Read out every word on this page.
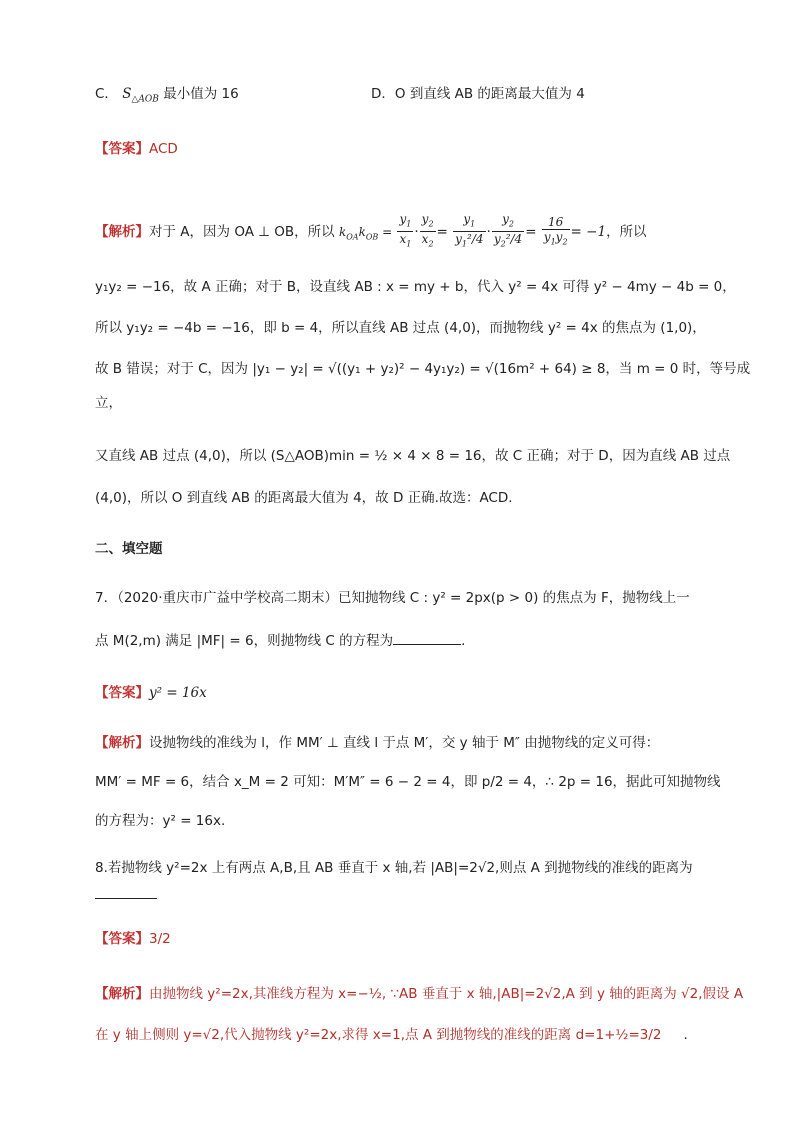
C． $S_{\triangle AOB}$ 最小值为 16	D．O 到直线 AB 的距离最大值为 4
【答案】ACD
【解析】对于 A，因为 OA ⊥ OB，所以 $k_{OA}k_{OB} = \frac{y_1}{x_1} \cdot \frac{y_2}{x_2} = \frac{y_1}{y_1^2/4} \cdot \frac{y_2}{y_2^2/4} = \frac{16}{y_1y_2} = -1$，所以
y₁y₂ = −16，故 A 正确；对于 B，设直线 AB : x = my + b，代入 y² = 4x 可得 y² − 4my − 4b = 0，
所以 y₁y₂ = −4b = −16，即 b = 4，所以直线 AB 过点 (4,0)，而抛物线 y² = 4x 的焦点为 (1,0)，
故 B 错误；对于 C，因为 |y₁ − y₂| = √((y₁ + y₂)² − 4y₁y₂) = √(16m² + 64) ≥ 8，当 m = 0 时，等号成
立，
又直线 AB 过点 (4,0)，所以 (S△AOB)min = ½ × 4 × 8 = 16，故 C 正确；对于 D，因为直线 AB 过点
(4,0)，所以 O 到直线 AB 的距离最大值为 4，故 D 正确.故选：ACD.
二、填空题
7．（2020·重庆市广益中学校高二期末）已知抛物线 C : y² = 2px(p > 0) 的焦点为 F，抛物线上一
点 M(2,m) 满足 |MF| = 6，则抛物线 C 的方程为	.
【答案】y² = 16x
【解析】设抛物线的准线为 l，作 MM′ ⊥ 直线 l 于点 M′，交 y 轴于 M″ 由抛物线的定义可得：
MM′ = MF = 6，结合 x_M = 2 可知：M′M″ = 6 − 2 = 4，即 p/2 = 4，∴ 2p = 16，据此可知抛物线
的方程为：y² = 16x.
8.若抛物线 y²=2x 上有两点 A,B,且 AB 垂直于 x 轴,若 |AB|=2√2,则点 A 到抛物线的准线的距离为
【答案】3/2
【解析】由抛物线 y²=2x,其准线方程为 x=−½, ∵AB 垂直于 x 轴,|AB|=2√2,A 到 y 轴的距离为 √2,假设 A
在 y 轴上侧则 y=√2,代入抛物线 y²=2x,求得 x=1,点 A 到抛物线的准线的距离 d=1+½=3/2 .
